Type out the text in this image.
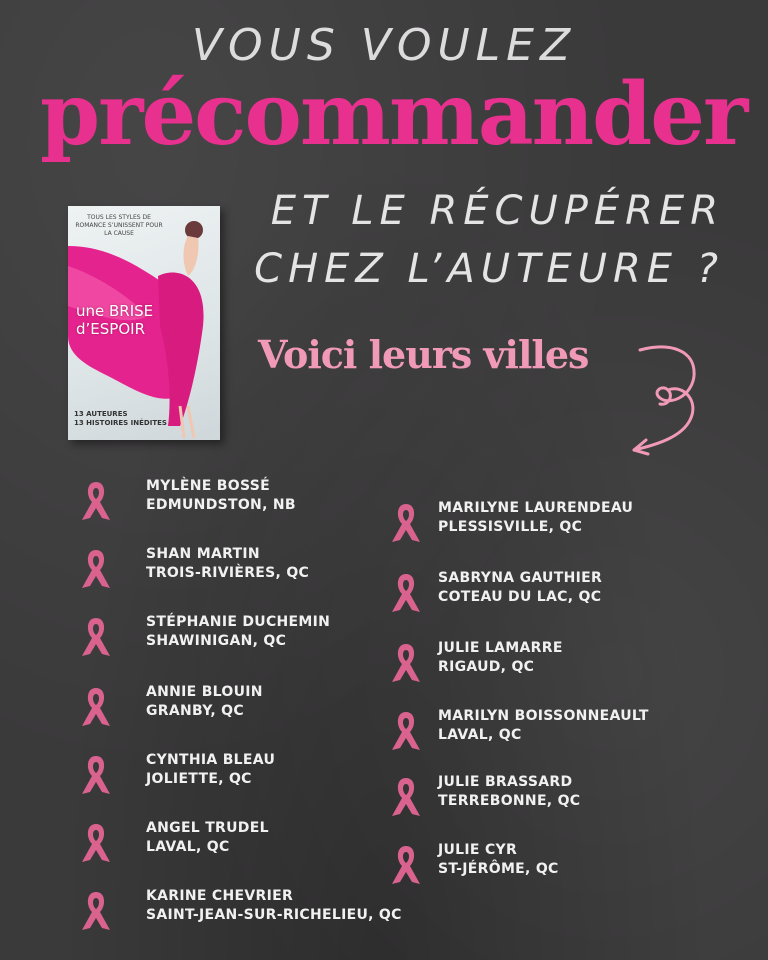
VOUS VOULEZ
précommander
ET LE RÉCUPÉRER
CHEZ L’AUTEURE ?
Voici leurs villes
TOUS LES STYLES DE ROMANCE S’UNISSENT POUR LA CAUSE
une BRISE
d’ESPOIR
13 AUTEURES
13 HISTOIRES INÉDITES
MYLÈNE BOSSÉ
EDMUNDSTON, NB
SHAN MARTIN
TROIS-RIVIÈRES, QC
STÉPHANIE DUCHEMIN
SHAWINIGAN, QC
ANNIE BLOUIN
GRANBY, QC
CYNTHIA BLEAU
JOLIETTE, QC
ANGEL TRUDEL
LAVAL, QC
KARINE CHEVRIER
SAINT-JEAN-SUR-RICHELIEU, QC
MARILYNE LAURENDEAU
PLESSISVILLE, QC
SABRYNA GAUTHIER
COTEAU DU LAC, QC
JULIE LAMARRE
RIGAUD, QC
MARILYN BOISSONNEAULT
LAVAL, QC
JULIE BRASSARD
TERREBONNE, QC
JULIE CYR
ST-JÉRÔME, QC
